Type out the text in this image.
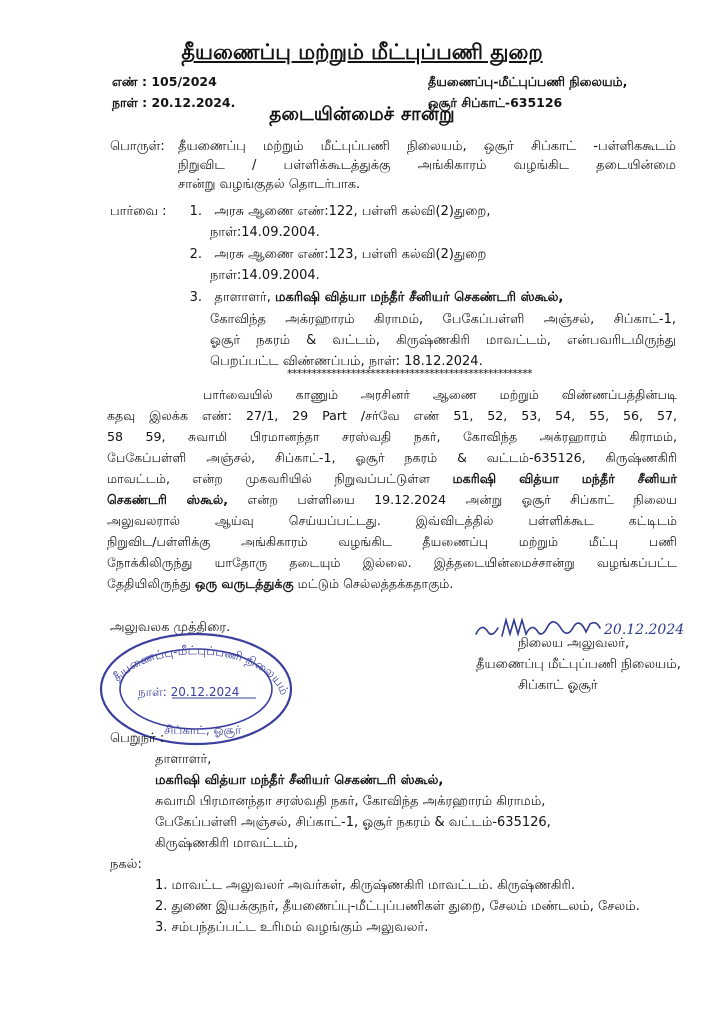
தீயணைப்பு மற்றும் மீட்புப்பணி துறை
எண் : 105/2024
நாள் : 20.12.2024.
தீயணைப்பு-மீட்புப்பணி நிலையம்,
ஒசூர் சிப்காட்-635126
தடையின்மைச் சான்று
பொருள்: தீயணைப்பு மற்றும் மீட்புப்பணி நிலையம், ஒசூர் சிப்காட் -பள்ளிககூடம்
நிறுவிட / பள்ளிக்கூடத்துக்கு அங்கிகாரம் வழங்கிட தடையின்மை
சான்று வழங்குதல் தொடர்பாக.
பார்வை :	1. அரசு ஆணை எண்:122, பள்ளி கல்வி(2)துறை,
நாள்:14.09.2004.
2. அரசு ஆணை எண்:123, பள்ளி கல்வி(2)துறை
நாள்:14.09.2004.
3. தாளாளர், மகரிஷி வித்யா மந்தீர் சீனியர் செகண்டரி ஸ்கூல்,
கோவிந்த அக்ரஹாரம் கிராமம், பேகேப்பள்ளி அஞ்சல், சிப்காட்-1,
ஓசூர் நகரம் & வட்டம், கிருஷ்ணகிரி மாவட்டம், என்பவரிடமிருந்து
பெறப்பட்ட விண்ணப்பம், நாள்: 18.12.2024.
**************************************************
பார்வையில் காணும் அரசினர் ஆணை மற்றும் விண்ணப்பத்தின்படி
கதவு இலக்க எண்: 27/1, 29 Part /சர்வே எண் 51, 52, 53, 54, 55, 56, 57,
58 59, சுவாமி பிரமானந்தா சரஸ்வதி நகர், கோவிந்த அக்ரஹாரம் கிராமம்,
பேகேப்பள்ளி அஞ்சல், சிப்காட்-1, ஓசூர் நகரம் & வட்டம்-635126, கிருஷ்ணகிரி
மாவட்டம், என்ற முகவரியில் நிறுவப்பட்டுள்ள மகரிஷி வித்யா மந்தீர் சீனியர்
செகண்டரி ஸ்கூல், என்ற பள்ளியை 19.12.2024 அன்று ஓசூர் சிப்காட் நிலைய
அலுவலரால் ஆய்வு செய்யப்பட்டது. இவ்விடத்தில் பள்ளிக்கூட கட்டிடம்
நிறுவிட/பள்ளிக்கு அங்கிகாரம் வழங்கிட தீயணைப்பு மற்றும் மீட்பு பணி
நோக்கிலிருந்து யாதோரு தடையும் இல்லை. இத்தடையின்மைச்சான்று வழங்கப்பட்ட
தேதியிலிருந்து ஒரு வருடத்துக்கு மட்டும் செல்லத்தக்கதாகும்.
அலுவலக முத்திரை.
தீயணைப்பு-மீட்புப்பணி நிலையம்
நாள்: 20.12.2024
சிப்காட், ஓசூர்
20.12.2024
நிலைய அலுவலர்,
தீயணைப்பு மீட்புப்பணி நிலையம்,
சிப்காட் ஓசூர்
பெறுநர் :
தாளாளர்,
மகரிஷி வித்யா மந்தீர் சீனியர் செகண்டரி ஸ்கூல்,
சுவாமி பிரமானந்தா சரஸ்வதி நகர், கோவிந்த அக்ரஹாரம் கிராமம்,
பேகேப்பள்ளி அஞ்சல், சிப்காட்-1, ஓசூர் நகரம் & வட்டம்-635126,
கிருஷ்ணகிரி மாவட்டம்,
நகல்:
1. மாவட்ட அலுவலர் அவர்கள், கிருஷ்ணகிரி மாவட்டம். கிருஷ்ணகிரி.
2. துணை இயக்குநர், தீயணைப்பு-மீட்புப்பணிகள் துறை, சேலம் மண்டலம், சேலம்.
3. சம்பந்தப்பட்ட உரிமம் வழங்கும் அலுவலர்.
